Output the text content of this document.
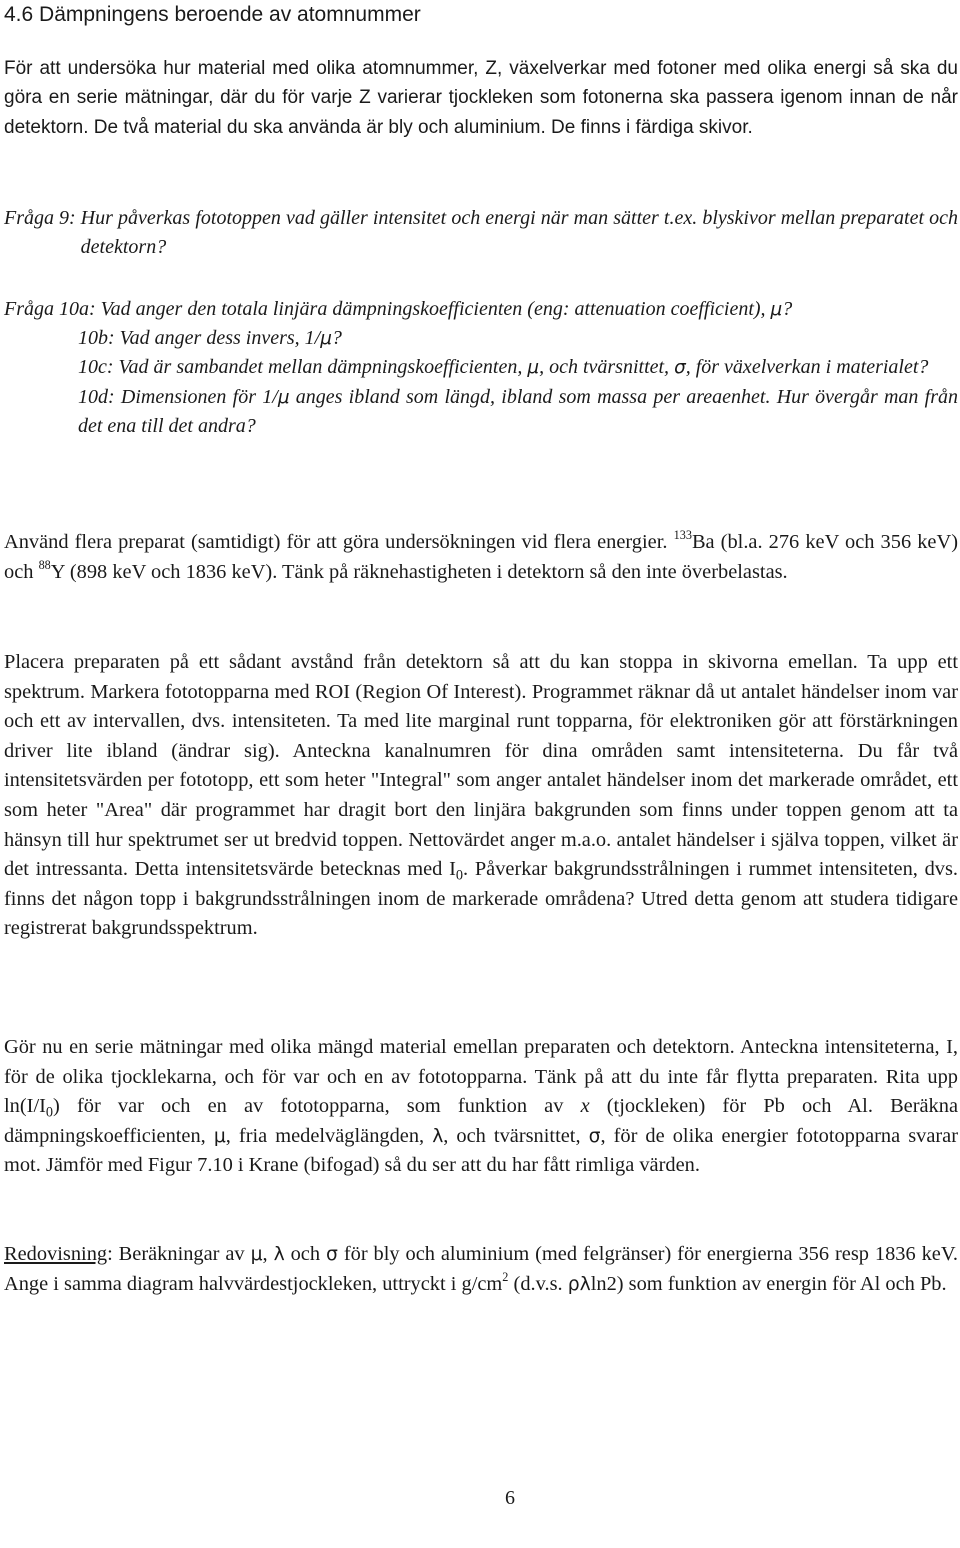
4.6 Dämpningens beroende av atomnummer

För att undersöka hur material med olika atomnummer, Z, växelverkar med fotoner med olika energi så ska du göra en serie mätningar, där du för varje Z varierar tjockleken som fotonerna ska passera igenom innan de når detektorn. De två material du ska använda är bly och aluminium. De finns i färdiga skivor.

Fråga 9:
Hur påverkas fototoppen vad gäller intensitet och energi när man sätter t.ex. blyskivor mellan preparatet och detektorn?
Fråga 10a:
Vad anger den totala linjära dämpningskoefficienten (eng: attenuation coefficient), μ?
10b: Vad anger dess invers, 1/μ?
10c: Vad är sambandet mellan dämpningskoefficienten, μ, och tvärsnittet, σ, för växelverkan i materialet?
10d: Dimensionen för 1/μ anges ibland som längd, ibland som massa per areaenhet. Hur övergår man från det ena till det andra?

Använd flera preparat (samtidigt) för att göra undersökningen vid flera energier. $^{133}$Ba (bl.a. 276 keV och 356 keV) och $^{88}$Y (898 keV och 1836 keV). Tänk på räknehastigheten i detektorn så den inte överbelastas.

Placera preparaten på ett sådant avstånd från detektorn så att du kan stoppa in skivorna emellan. Ta upp ett spektrum. Markera fototopparna med ROI (Region Of Interest). Programmet räknar då ut antalet händelser inom var och ett av intervallen, dvs. intensiteten. Ta med lite marginal runt topparna, för elektroniken gör att förstärkningen driver lite ibland (ändrar sig). Anteckna kanalnumren för dina områden samt intensiteterna. Du får två intensitetsvärden per fototopp, ett som heter "Integral" som anger antalet händelser inom det markerade området, ett som heter "Area" där programmet har dragit bort den linjära bakgrunden som finns under toppen genom att ta hänsyn till hur spektrumet ser ut bredvid toppen. Nettovärdet anger m.a.o. antalet händelser i själva toppen, vilket är det intressanta. Detta intensitetsvärde betecknas med $I_0$. Påverkar bakgrundsstrålningen i rummet intensiteten, dvs. finns det någon topp i bakgrundsstrålningen inom de markerade områdena? Utred detta genom att studera tidigare registrerat bakgrundsspektrum.

Gör nu en serie mätningar med olika mängd material emellan preparaten och detektorn. Anteckna intensiteterna, I, för de olika tjocklekarna, och för var och en av fototopparna. Tänk på att du inte får flytta preparaten. Rita upp $\ln(I/I_0)$ för var och en av fototopparna, som funktion av x (tjockleken) för Pb och Al. Beräkna dämpningskoefficienten, μ, fria medelväglängden, λ, och tvärsnittet, σ, för de olika energier fototopparna svarar mot. Jämför med Figur 7.10 i Krane (bifogad) så du ser att du har fått rimliga värden.

Redovisning: Beräkningar av μ, λ och σ för bly och aluminium (med felgränser) för energierna 356 resp 1836 keV. Ange i samma diagram halvvärdestjockleken, uttryckt i $g/cm^2$ (d.v.s. ρλln2) som funktion av energin för Al och Pb.

6
